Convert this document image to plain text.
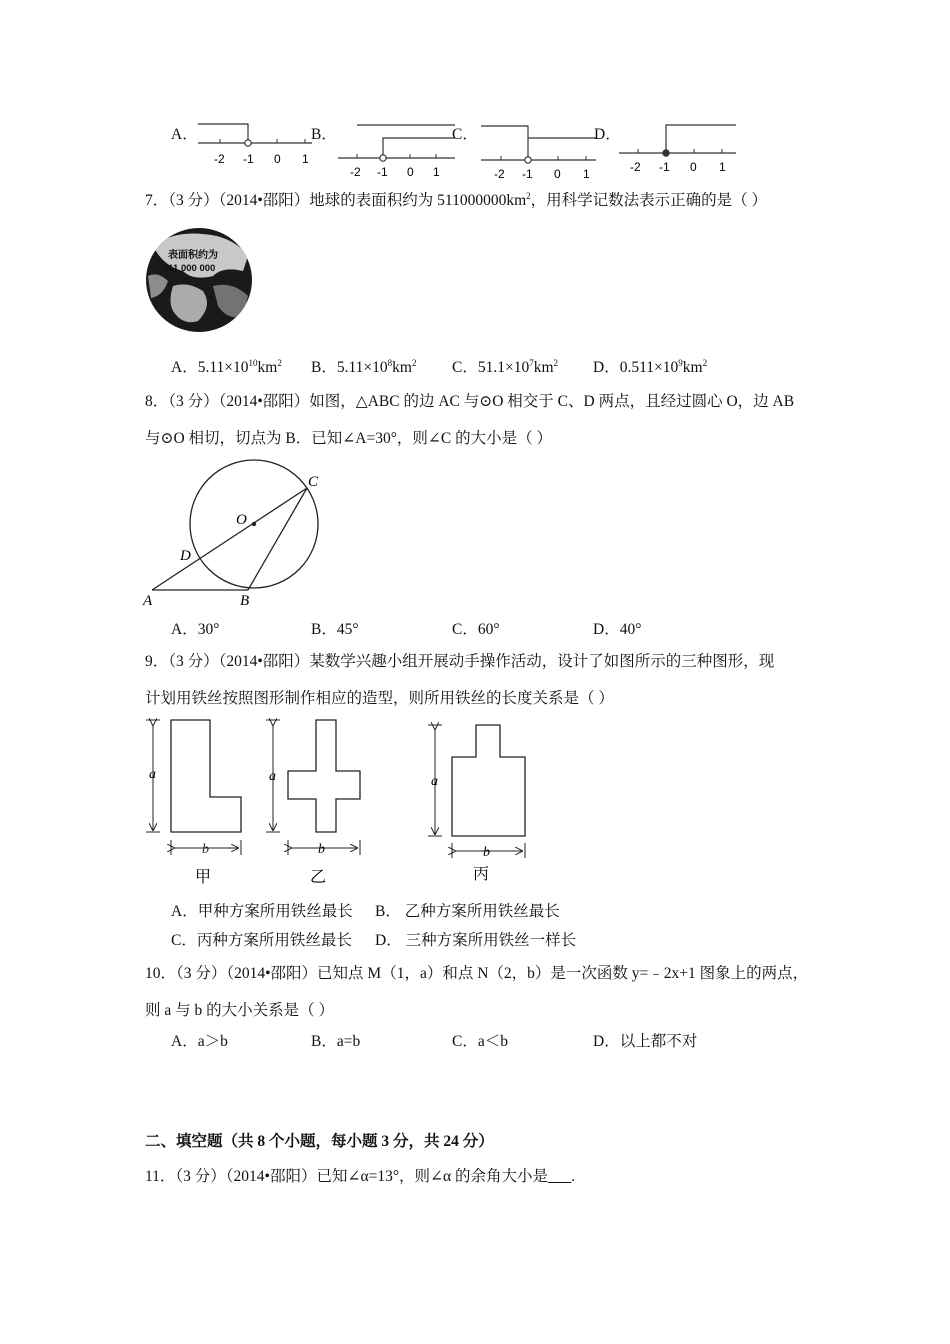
A．
-2 -1 0 1
B．
-2 -1 0 1
C．
-2 -1 0 1
D．
-2 -1 0 1
7．（3 分）（2014•邵阳）地球的表面积约为 $511000000km^2$，用科学记数法表示正确的是（ ）
表面积约为
511 000 000
A．$5.11\times 10^{10}km^2$ B．$5.11\times 10^8km^2$ C．$51.1\times 10^7km^2$ D．$0.511\times 10^9km^2$
8．（3 分）（2014•邵阳）如图，△ABC 的边 AC 与⊙O 相交于 C、D 两点，且经过圆心 O，边 AB
与⊙O 相切，切点为 B．已知∠A=30°，则∠C 的大小是（ ）
O
C
D
A	B
A．30°	B．45°	C．60°	D．40°
9．（3 分）（2014•邵阳）某数学兴趣小组开展动手操作活动，设计了如图所示的三种图形，现
计划用铁丝按照图形制作相应的造型，则所用铁丝的长度关系是（ ）
a
b
甲
a
b
乙
a
b
丙
A．甲种方案所用铁丝最长 B． 乙种方案所用铁丝最长
C．丙种方案所用铁丝最长 D． 三种方案所用铁丝一样长
10．（3 分）（2014•邵阳）已知点 M（1，a）和点 N（2，b）是一次函数 y=﹣2x+1 图象上的两点，
则 a 与 b 的大小关系是（ ）
A．a＞b	B．a=b	C．a＜b	D．以上都不对
二、填空题（共 8 个小题，每小题 3 分，共 24 分）
11．（3 分）（2014•邵阳）已知∠α=13°，则∠α 的余角大小是___.
